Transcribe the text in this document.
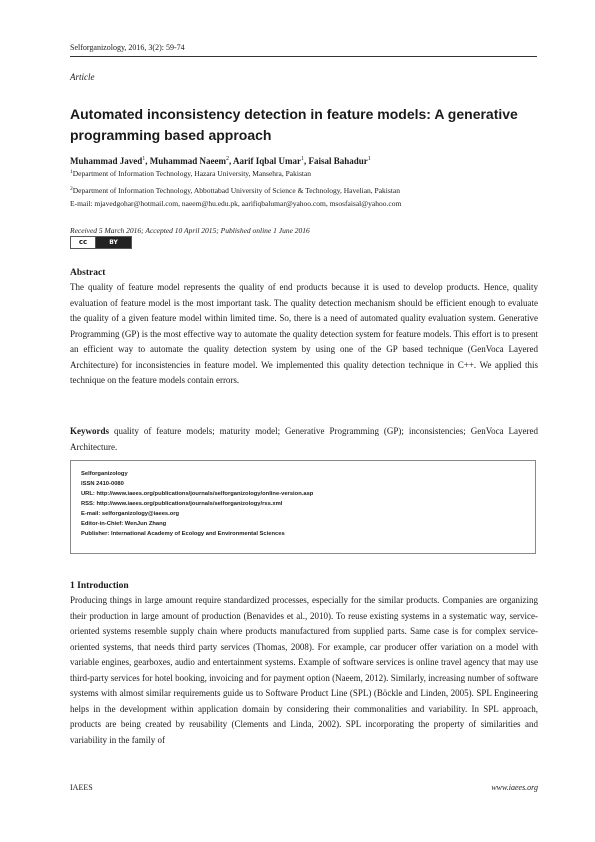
Selforganizology, 2016, 3(2): 59-74
Article
Automated inconsistency detection in feature models: A generative programming based approach
Muhammad Javed$^1$, Muhammad Naeem$^2$, Aarif Iqbal Umar$^1$, Faisal Bahadur$^1$
$^1$Department of Information Technology, Hazara University, Mansehra, Pakistan
$^2$Department of Information Technology, Abbottabad University of Science & Technology, Havelian, Pakistan
E-mail: mjavedgohar@hotmail.com, naeem@hu.edu.pk, aarifiqbalumar@yahoo.com, msosfaisal@yahoo.com
Received 5 March 2016; Accepted 10 April 2015; Published online 1 June 2016
cc	BY
Abstract
The quality of feature model represents the quality of end products because it is used to develop products. Hence, quality evaluation of feature model is the most important task. The quality detection mechanism should be efficient enough to evaluate the quality of a given feature model within limited time. So, there is a need of automated quality evaluation system. Generative Programming (GP) is the most effective way to automate the quality detection system for feature models. This effort is to present an efficient way to automate the quality detection system by using one of the GP based technique (GenVoca Layered Architecture) for inconsistencies in feature model. We implemented this quality detection technique in C++. We applied this technique on the feature models contain errors.
Keywords quality of feature models; maturity model; Generative Programming (GP); inconsistencies; GenVoca Layered Architecture.
Selforganizology
ISSN 2410-0080
URL: http://www.iaees.org/publications/journals/selforganizology/online-version.asp
RSS: http://www.iaees.org/publications/journals/selforganizology/rss.xml
E-mail: selforganizology@iaees.org
Editor-in-Chief: WenJun Zhang
Publisher: International Academy of Ecology and Environmental Sciences
1 Introduction
Producing things in large amount require standardized processes, especially for the similar products. Companies are organizing their production in large amount of production (Benavides et al., 2010). To reuse existing systems in a systematic way, service-oriented systems resemble supply chain where products manufactured from supplied parts. Same case is for complex service-oriented systems, that needs third party services (Thomas, 2008). For example, car producer offer variation on a model with variable engines, gearboxes, audio and entertainment systems. Example of software services is online travel agency that may use third-party services for hotel booking, invoicing and for payment option (Naeem, 2012). Similarly, increasing number of software systems with almost similar requirements guide us to Software Product Line (SPL) (Böckle and Linden, 2005). SPL Engineering helps in the development within application domain by considering their commonalities and variability. In SPL approach, products are being created by reusability (Clements and Linda, 2002). SPL incorporating the property of similarities and variability in the family of
IAEES	www.iaees.org
